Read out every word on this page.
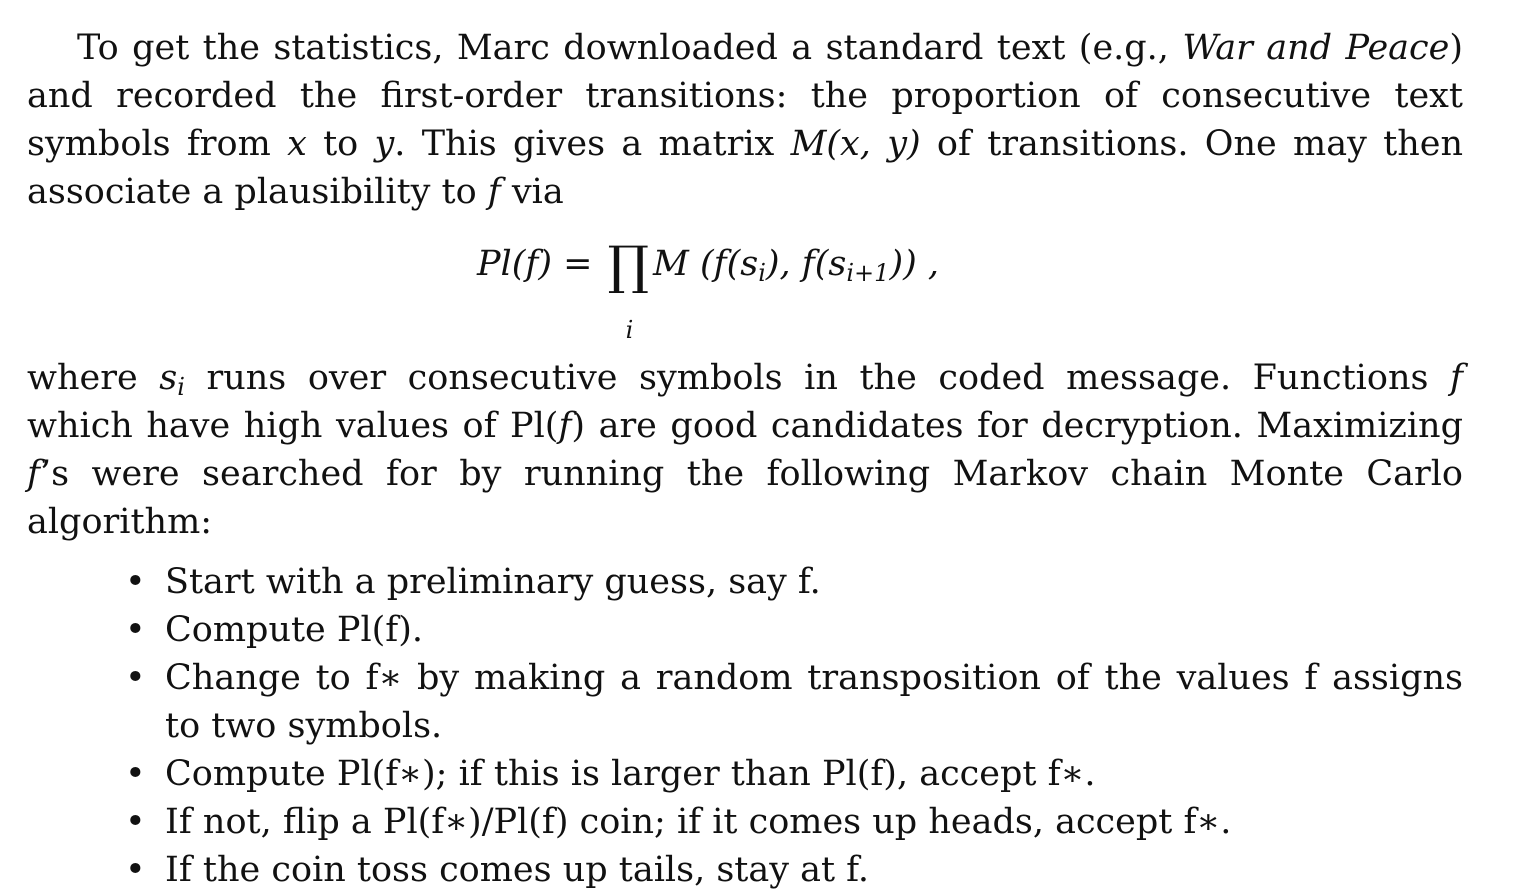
To get the statistics, Marc downloaded a standard text (e.g., War and Peace) and recorded the first-order transitions: the proportion of consecutive text symbols from x to y. This gives a matrix M(x, y) of transitions. One may then associate a plausibility to f via

Pl(f) = ∏
i
M ($f(s_i)$, $f(s_{i+1})$) ,

where $s_i$ runs over consecutive symbols in the coded message. Functions f which have high values of Pl(f) are good candidates for decryption. Maximizing f’s were searched for by running the following Markov chain Monte Carlo algorithm:

• Start with a preliminary guess, say f.
• Compute Pl(f).
• Change to f∗ by making a random transposition of the values f assigns to two symbols.
• Compute Pl(f∗); if this is larger than Pl(f), accept f∗.
• If not, flip a Pl(f∗)/Pl(f) coin; if it comes up heads, accept f∗.
• If the coin toss comes up tails, stay at f.
